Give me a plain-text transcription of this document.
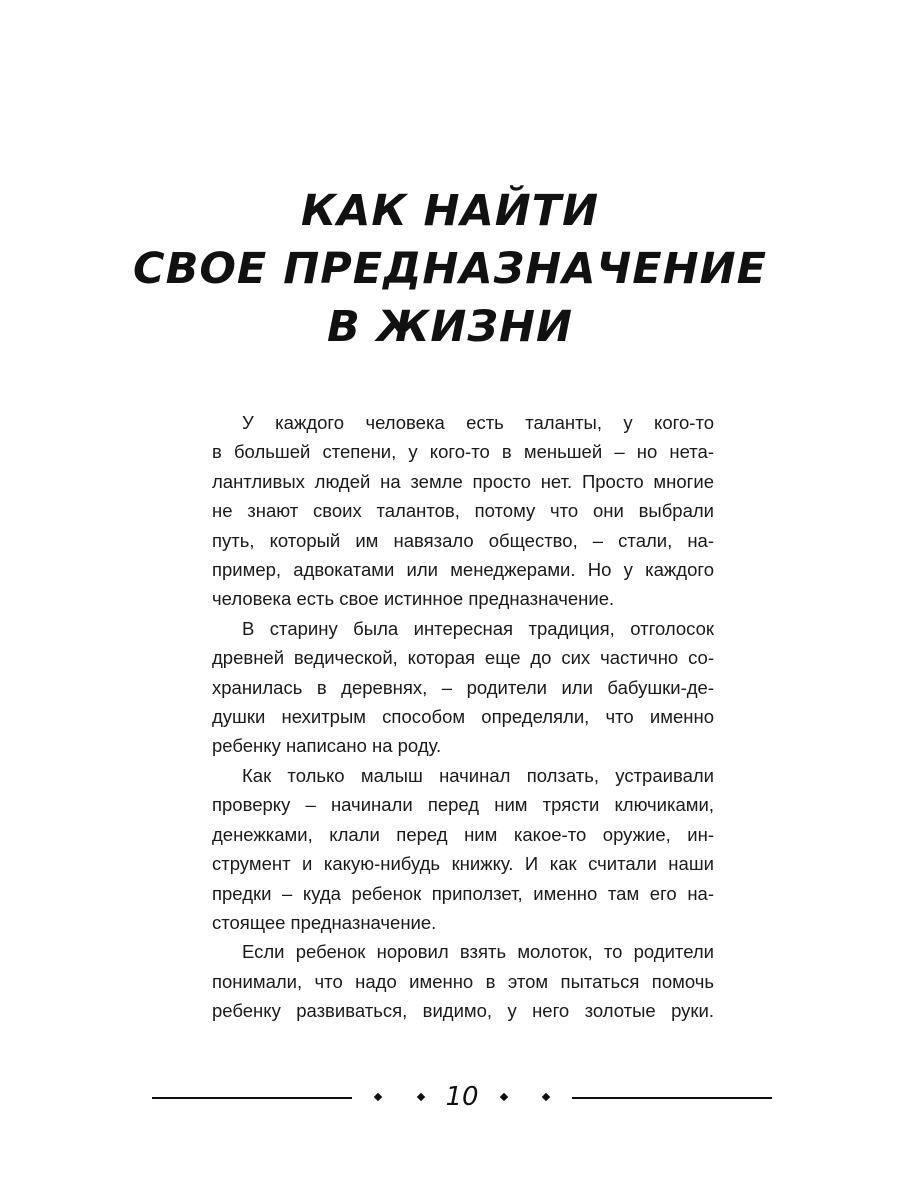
КАК НАЙТИ
СВОЕ ПРЕДНАЗНАЧЕНИЕ
В ЖИЗНИ
У каждого человека есть таланты, у кого-то
в большей степени, у кого-то в меньшей – но нета-
лантливых людей на земле просто нет. Просто многие
не знают своих талантов, потому что они выбрали
путь, который им навязало общество, – стали, на-
пример, адвокатами или менеджерами. Но у каждого
человека есть свое истинное предназначение.
В старину была интересная традиция, отголосок
древней ведической, которая еще до сих частично со-
хранилась в деревнях, – родители или бабушки-де-
душки нехитрым способом определяли, что именно
ребенку написано на роду.
Как только малыш начинал ползать, устраивали
проверку – начинали перед ним трясти ключиками,
денежками, клали перед ним какое-то оружие, ин-
струмент и какую-нибудь книжку. И как считали наши
предки – куда ребенок приползет, именно там его на-
стоящее предназначение.
Если ребенок норовил взять молоток, то родители
понимали, что надо именно в этом пытаться помочь
ребенку развиваться, видимо, у него золотые руки.
10
